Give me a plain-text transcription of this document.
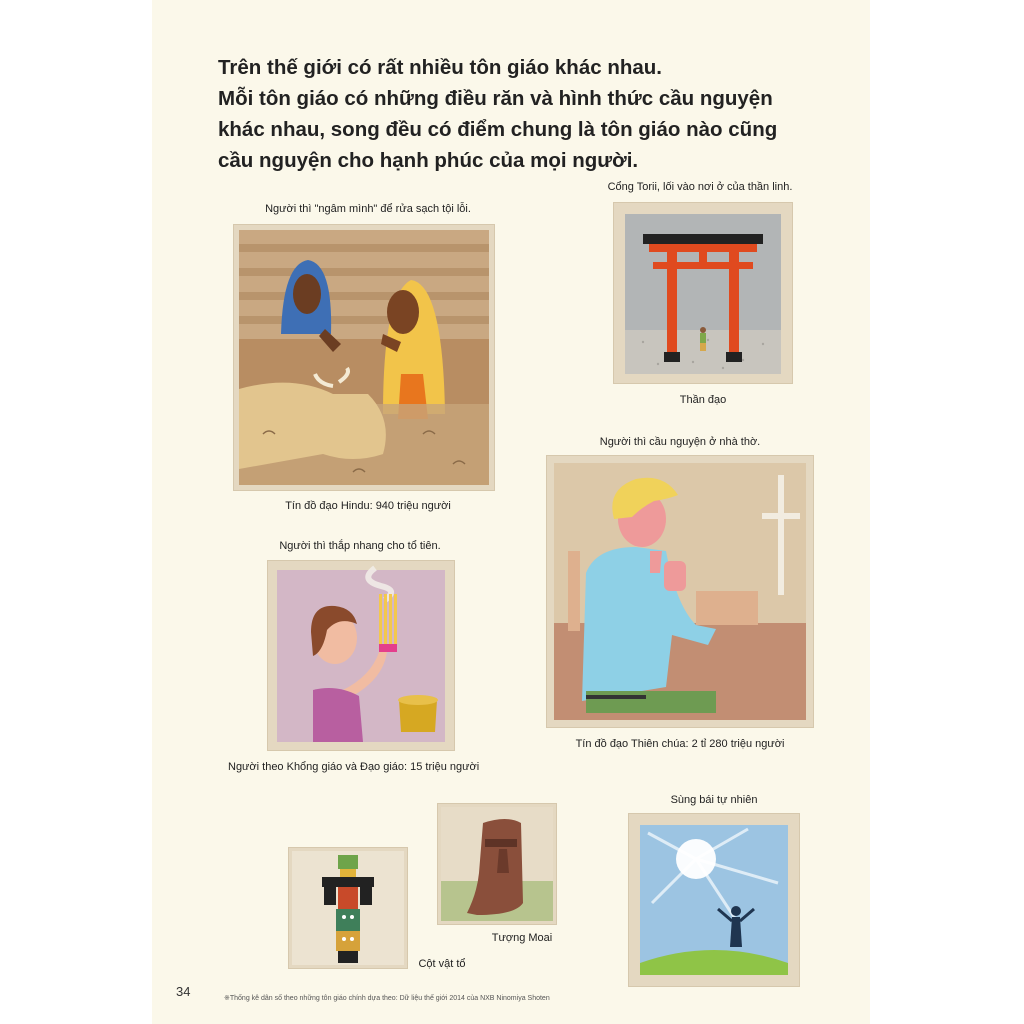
Trên thế giới có rất nhiều tôn giáo khác nhau.
Mỗi tôn giáo có những điều răn và hình thức cầu nguyện
khác nhau, song đều có điểm chung là tôn giáo nào cũng
cầu nguyện cho hạnh phúc của mọi người.
Người thì "ngâm mình" để rửa sạch tội lỗi.
Tín đồ đạo Hindu: 940 triệu người
Cổng Torii, lối vào nơi ở của thần linh.
Thần đạo
Người thì cầu nguyện ở nhà thờ.
Tín đồ đạo Thiên chúa: 2 tỉ 280 triệu người
Người thì thắp nhang cho tổ tiên.
Người theo Khổng giáo và Đạo giáo: 15 triệu người
Sùng bái tự nhiên
Tượng Moai
Cột vật tổ
34	※Thống kê dân số theo những tôn giáo chính dựa theo: Dữ liệu thế giới 2014 của NXB Ninomiya Shoten
